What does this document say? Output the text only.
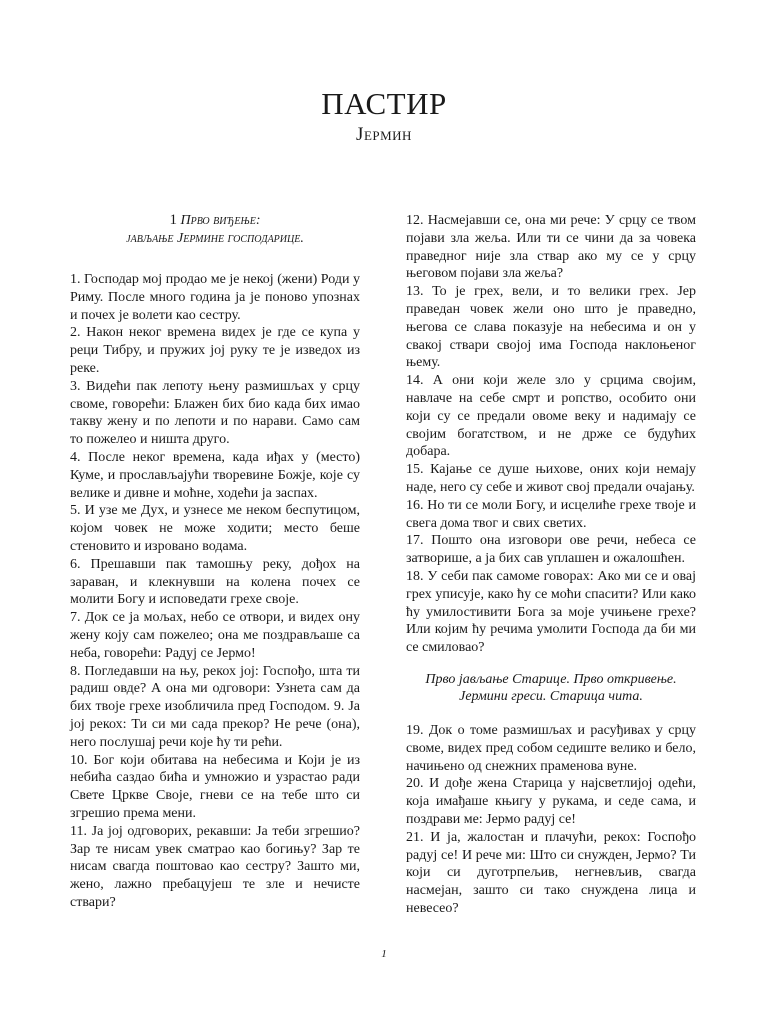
ПАСТИР
Јермин

1 Прво виђење:

јављање Јермине господарице.

1. Господар мој продао ме је некој (жени) Роди у Риму. После много година ја је поново упознах и почех је волети као сестру.

2. Након неког времена видех је где се купа у реци Тибру, и пружих јој руку те је изведох из реке.

3. Видећи пак лепоту њену размишљах у срцу своме, говорећи: Блажен бих био када бих имао такву жену и по лепоти и по нарави. Само сам то пожелео и ништа друго.

4. После неког времена, када иђах у (место) Куме, и прослављајући творевине Божје, које су велике и дивне и моћне, ходећи ја заспах.

5. И узе ме Дух, и узнесе ме неком беспутицом, којом човек не може ходити; место беше стеновито и изровано водама.

6. Прешавши пак тамошњу реку, дођох на зараван, и клекнувши на колена почех се молити Богу и исповедати грехе своје.

7. Док се ја мољах, небо се отвори, и видех ону жену коју сам пожелео; она ме поздрављаше са неба, говорећи: Радуј се Јермо!

8. Погледавши на њу, рекох јој: Госпођо, шта ти радиш овде? А она ми одговори: Узнета сам да бих твоје грехе изобличила пред Господом. 9. Ја јој рекох: Ти си ми сада прекор? Не рече (она), него послушај речи које ћу ти рећи.

10. Бог који обитава на небесима и Који је из небића саздао бића и умножио и узрастао ради Свете Цркве Своје, гневи се на тебе што си згрешио према мени.

11. Ја јој одговорих, рекавши: Ја теби згрешио? Зар те нисам увек сматрао као богињу? Зар те нисам свагда поштовао као сестру? Зашто ми, жено, лажно пребацујеш те зле и нечисте ствари?

12. Насмејавши се, она ми рече: У срцу се твом појави зла жеља. Или ти се чини да за човека праведног није зла ствар ако му се у срцу његовом појави зла жеља?

13. То је грех, вели, и то велики грех. Јер праведан човек жели оно што је праведно, његова се слава показује на небесима и он у свакој ствари својој има Господа наклоњеног њему.

14. А они који желе зло у срцима својим, навлаче на себе смрт и ропство, особито они који су се предали овоме веку и надимају се својим богатством, и не држе се будућих добара.

15. Кајање се душе њихове, оних који немају наде, него су себе и живот свој предали очајању.

16. Но ти се моли Богу, и исцелиће грехе твоје и свега дома твог и свих светих.

17. Пошто она изговори ове речи, небеса се затворише, а ја бих сав уплашен и ожалошћен.

18. У себи пак самоме говорах: Ако ми се и овај грех уписује, како ћу се моћи спасити? Или како ћу умилостивити Бога за моје учињене грехе? Или којим ћу речима умолити Господа да би ми се смиловао?

Прво јављање Старице. Прво откривење.

Јермини греси. Старица чита.

19. Док о томе размишљах и расуђивах у срцу своме, видех пред собом седиште велико и бело, начињено од снежних праменова вуне.

20. И дође жена Старица у најсветлијој одећи, која имађаше књигу у рукама, и седе сама, и поздрави ме: Јермо радуј се!

21. И ја, жалостан и плачући, рекох: Госпођо радуј се! И рече ми: Што си снужден, Јермо? Ти који си дуготрпељив, негневљив, свагда насмејан, зашто си тако снуждена лица и невесео?

1
